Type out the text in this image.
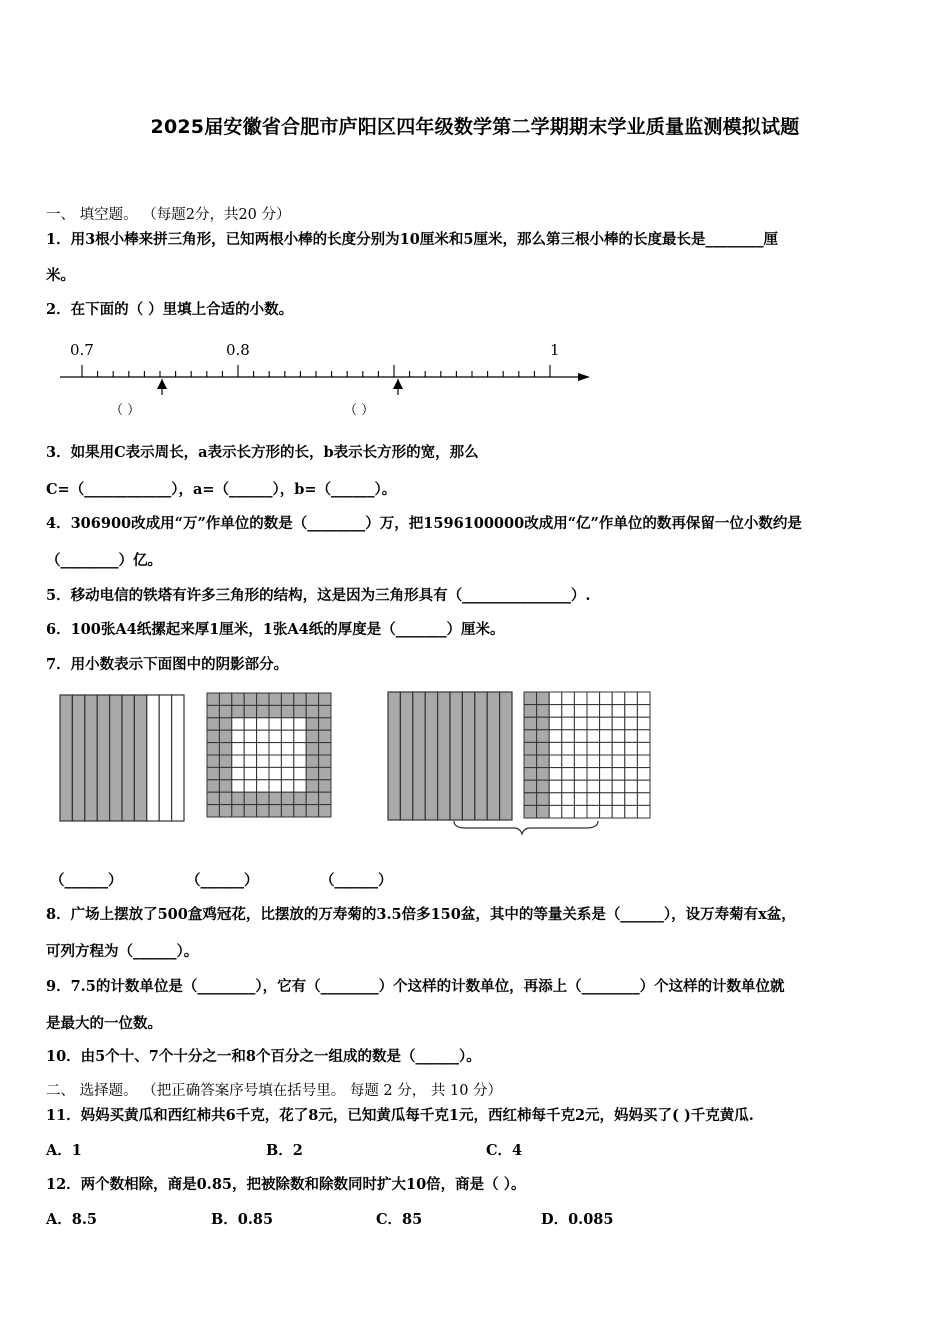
2025届安徽省合肥市庐阳区四年级数学第二学期期末学业质量监测模拟试题
一、 填空题。 （每题2分，共20 分）
1．用3根小棒来拼三角形，已知两根小棒的长度分别为10厘米和5厘米，那么第三根小棒的长度最长是________厘
米。
2．在下面的（ ）里填上合适的小数。
0.7	0.8	1
（ ）	（ ）
3．如果用C表示周长，a表示长方形的长，b表示长方形的宽，那么
C=（____________），a=（______），b=（______）。
4．306900改成用“万”作单位的数是（________）万，把1596100000改成用“亿”作单位的数再保留一位小数约是
（________）亿。
5．移动电信的铁塔有许多三角形的结构，这是因为三角形具有（_______________）.
6．100张A4纸摞起来厚1厘米，1张A4纸的厚度是（_______）厘米。
7．用小数表示下面图中的阴影部分。
（______）	（______）	（______）
8．广场上摆放了500盒鸡冠花，比摆放的万寿菊的3.5倍多150盆，其中的等量关系是（______），设万寿菊有x盆，
可列方程为（______）。
9．7.5的计数单位是（________），它有（________）个这样的计数单位，再添上（________）个这样的计数单位就
是最大的一位数。
10．由5个十、7个十分之一和8个百分之一组成的数是（______）。
二、 选择题。 （把正确答案序号填在括号里。 每题 2 分， 共 10 分）
11．妈妈买黄瓜和西红柿共6千克，花了8元，已知黄瓜每千克1元，西红柿每千克2元，妈妈买了( )千克黄瓜.
A．1	B．2	C．4
12．两个数相除，商是0.85，把被除数和除数同时扩大10倍，商是（ ）。
A．8.5	B．0.85	C．85	D．0.085
